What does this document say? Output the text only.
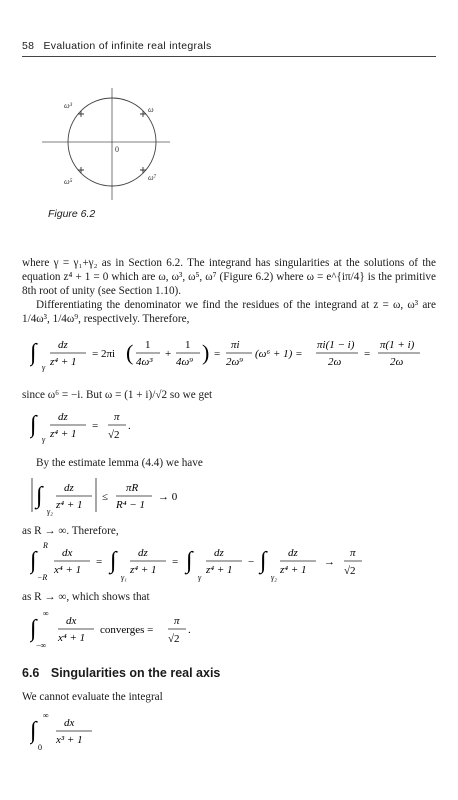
58 Evaluation of infinite real integrals
ω
ω³
ω⁵	ω⁷
0
Figure 6.2
where γ = γ₁+γ₂ as in Section 6.2. The integrand has singularities at the solutions of the equation z⁴ + 1 = 0 which are ω, ω³, ω⁵, ω⁷ (Figure 6.2) where ω = e^{iπ/4} is the primitive 8th root of unity (see Section 1.10).
Differentiating the denominator we find the residues of the integrand at z = ω, ω³ are 1/4ω³, 1/4ω⁹, respectively. Therefore,
∫
γ
dz
z⁴ + 1
= 2πi ( 1
4ω³
+
1
4ω⁹ ) =
πi
2ω⁹
(ω⁶ + 1) =
πi(1 − i)
2ω
=
π(1 + i)
2ω
since ω⁶ = −i. But ω = (1 + i)/√2 so we get
∫
γ
dz
z⁴ + 1
=
π
√2
.
By the estimate lemma (4.4) we have
∫
γ₂
dz
z⁴ + 1
≤
πR
R⁴ − 1
→ 0
as R → ∞. Therefore,
∫
R
−R
dx
x⁴ + 1
= ∫
γ₁
dz
z⁴ + 1
= ∫
γ
dz
z⁴ + 1
− ∫
γ₂
dz
z⁴ + 1
→
π
√2
as R → ∞, which shows that
∫
∞
−∞
dx
x⁴ + 1
converges =
π
√2
.
6.6 Singularities on the real axis
We cannot evaluate the integral
∫
∞
0
dx
x³ + 1
